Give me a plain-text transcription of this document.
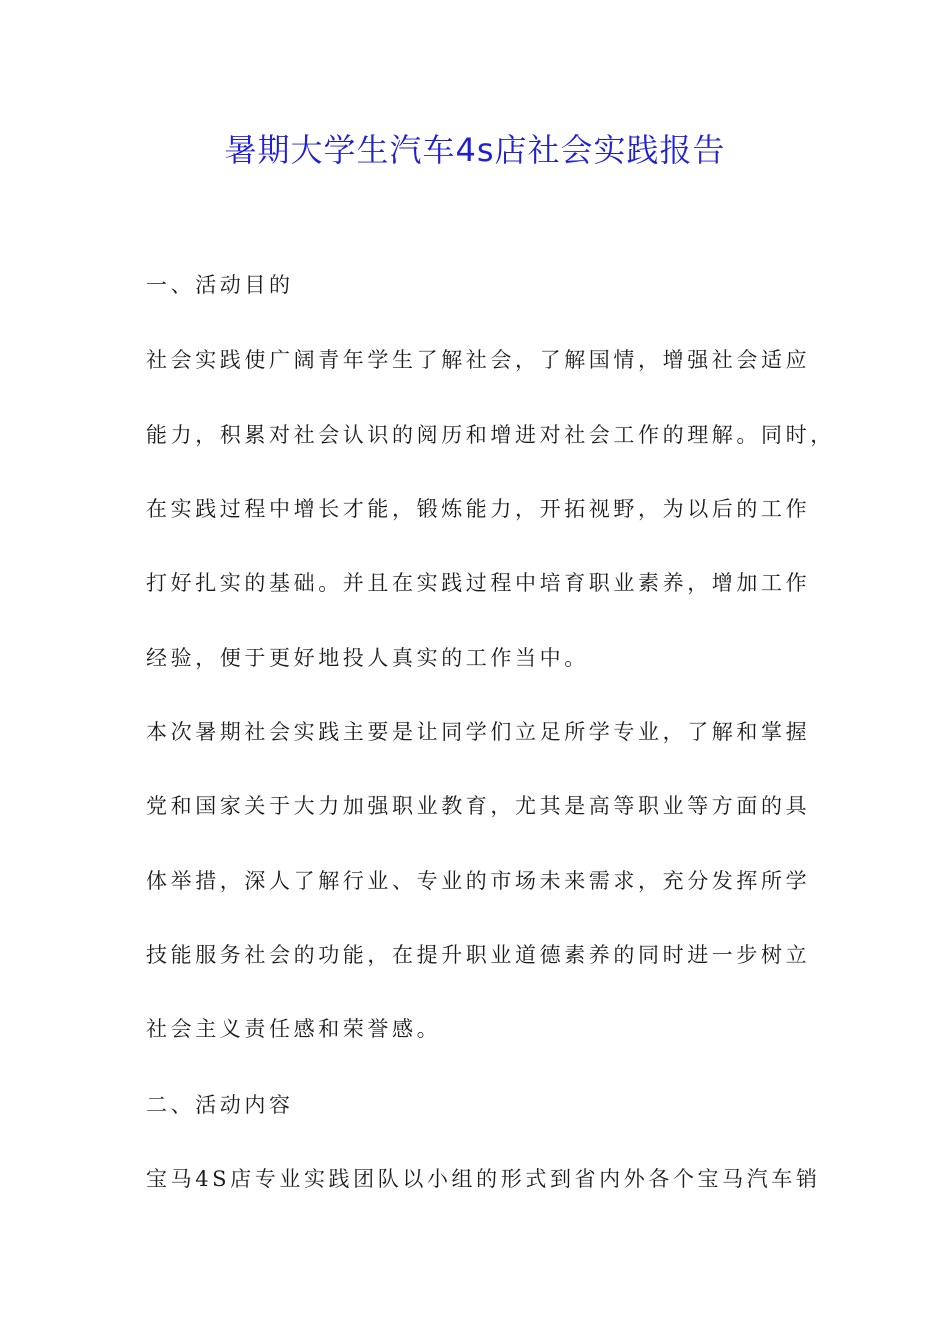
暑期大学生汽车4s店社会实践报告

一、活动目的

社会实践使广阔青年学生了解社会，了解国情，增强社会适应

能力，积累对社会认识的阅历和增进对社会工作的理解。同时，

在实践过程中增长才能，锻炼能力，开拓视野，为以后的工作

打好扎实的基础。并且在实践过程中培育职业素养，增加工作

经验，便于更好地投人真实的工作当中。

本次暑期社会实践主要是让同学们立足所学专业，了解和掌握

党和国家关于大力加强职业教育，尤其是高等职业等方面的具

体举措，深人了解行业、专业的市场未来需求，充分发挥所学

技能服务社会的功能，在提升职业道德素养的同时进一步树立

社会主义责任感和荣誉感。

二、活动内容

宝马4S店专业实践团队以小组的形式到省内外各个宝马汽车销
